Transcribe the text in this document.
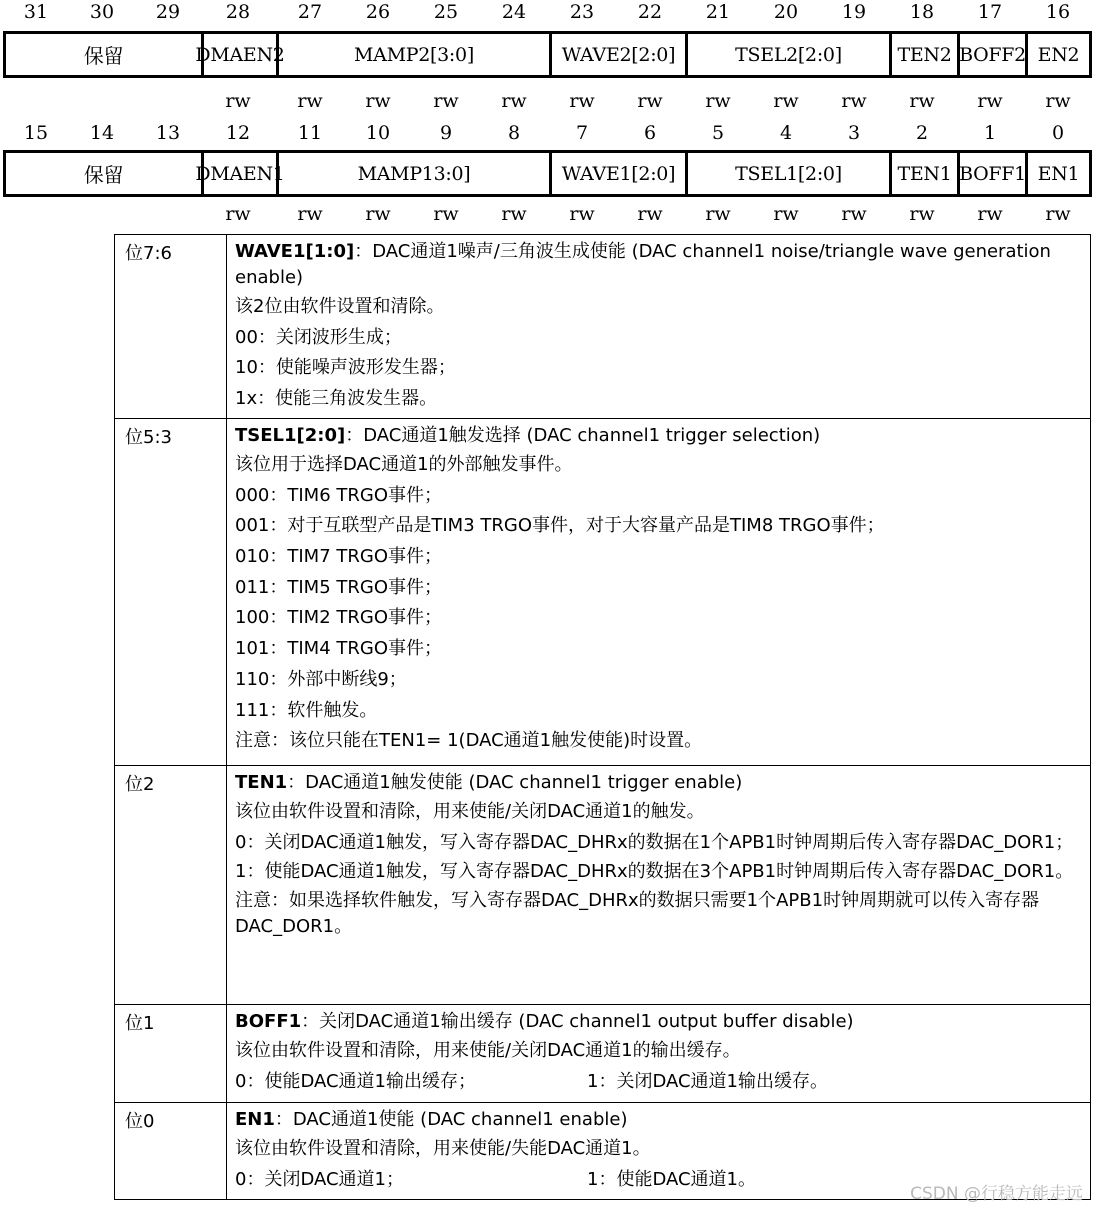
31	30	29	28	27	26	25	24	23	22	21	20	19	18	17	16
保留	DMAEN2	MAMP2[3:0]	WAVE2[2:0]	TSEL2[2:0]	TEN2 BOFF2 EN2
rw	rw	rw	rw	rw	rw	rw	rw	rw	rw	rw	rw	rw
15	14	13	12	11	10	9	8	7	6	5	4	3	2	1	0
保留	DMAEN1	MAMP13:0]	WAVE1[2:0]	TSEL1[2:0]	TEN1 BOFF1 EN1
rw	rw	rw	rw	rw	rw	rw	rw	rw	rw	rw	rw	rw
位7:6	WAVE1[1:0]：DAC通道1噪声/三角波生成使能 (DAC channel1 noise/triangle wave generation enable)
该2位由软件设置和清除。
00：关闭波形生成；
10：使能噪声波形发生器；
1x：使能三角波发生器。
位5:3	TSEL1[2:0]：DAC通道1触发选择 (DAC channel1 trigger selection)
该位用于选择DAC通道1的外部触发事件。
000：TIM6 TRGO事件；
001：对于互联型产品是TIM3 TRGO事件，对于大容量产品是TIM8 TRGO事件；
010：TIM7 TRGO事件；
011：TIM5 TRGO事件；
100：TIM2 TRGO事件；
101：TIM4 TRGO事件；
110：外部中断线9；
111：软件触发。
注意：该位只能在TEN1= 1(DAC通道1触发使能)时设置。
位2	TEN1：DAC通道1触发使能 (DAC channel1 trigger enable)
该位由软件设置和清除，用来使能/关闭DAC通道1的触发。
0：关闭DAC通道1触发，写入寄存器DAC_DHRx的数据在1个APB1时钟周期后传入寄存器DAC_DOR1；
1：使能DAC通道1触发，写入寄存器DAC_DHRx的数据在3个APB1时钟周期后传入寄存器DAC_DOR1。
注意：如果选择软件触发，写入寄存器DAC_DHRx的数据只需要1个APB1时钟周期就可以传入寄存器DAC_DOR1。
位1	BOFF1：关闭DAC通道1输出缓存 (DAC channel1 output buffer disable)
该位由软件设置和清除，用来使能/关闭DAC通道1的输出缓存。
0：使能DAC通道1输出缓存；	1：关闭DAC通道1输出缓存。
位0	EN1：DAC通道1使能 (DAC channel1 enable)
该位由软件设置和清除，用来使能/失能DAC通道1。
0：关闭DAC通道1；	1：使能DAC通道1。
CSDN @行稳方能走远
